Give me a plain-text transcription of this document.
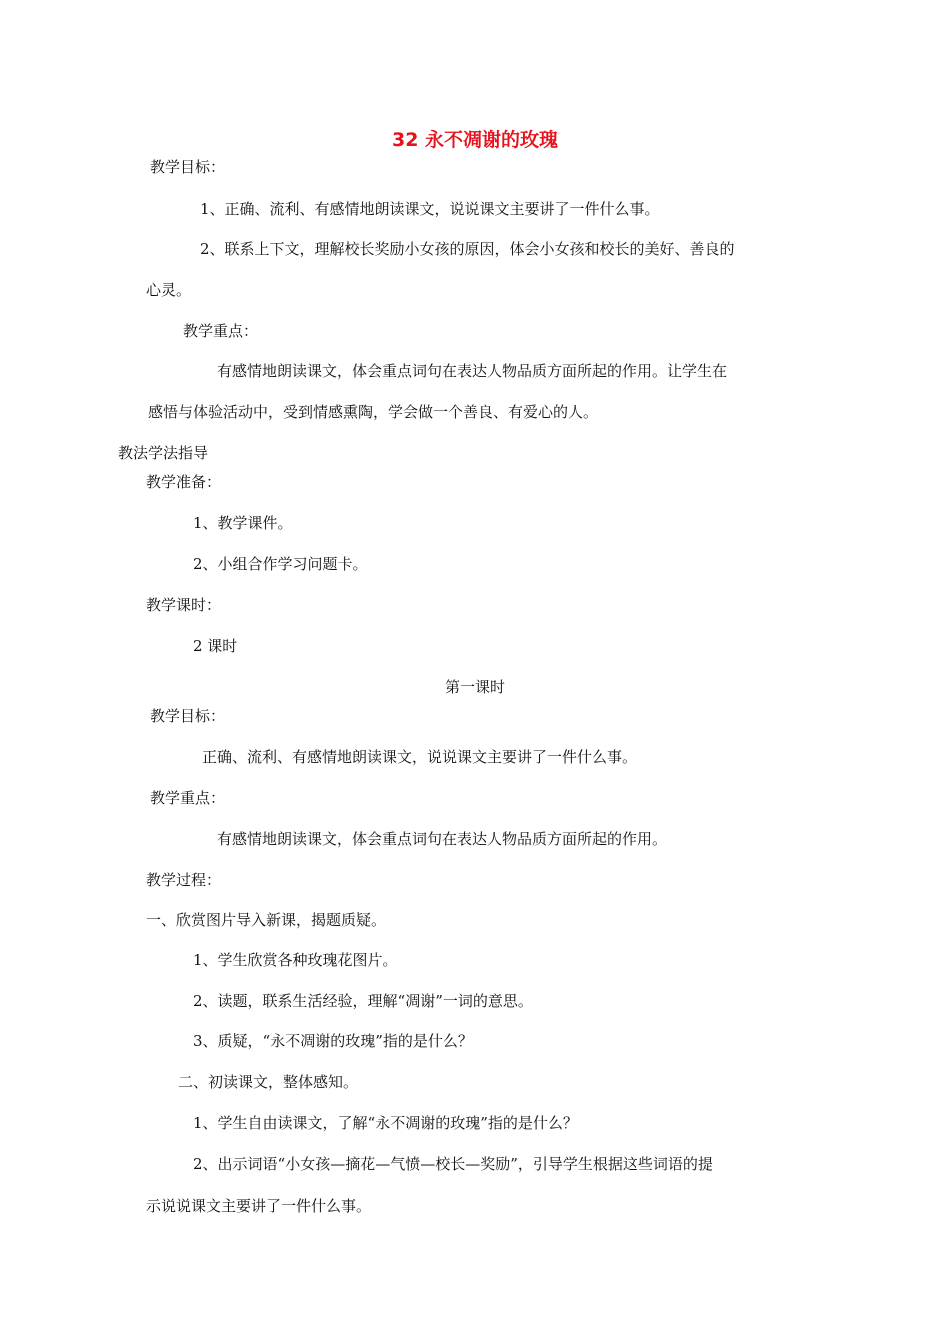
32 永不凋谢的玫瑰
教学目标：
1、正确、流利、有感情地朗读课文，说说课文主要讲了一件什么事。
2、联系上下文，理解校长奖励小女孩的原因，体会小女孩和校长的美好、善良的
心灵。
教学重点：
有感情地朗读课文，体会重点词句在表达人物品质方面所起的作用。让学生在
感悟与体验活动中，受到情感熏陶，学会做一个善良、有爱心的人。
教法学法指导
教学准备：
1、教学课件。
2、小组合作学习问题卡。
教学课时：
2 课时
第一课时
教学目标：
正确、流利、有感情地朗读课文，说说课文主要讲了一件什么事。
教学重点：
有感情地朗读课文，体会重点词句在表达人物品质方面所起的作用。
教学过程：
一、欣赏图片导入新课，揭题质疑。
1、学生欣赏各种玫瑰花图片。
2、读题，联系生活经验，理解“凋谢”一词的意思。
3、质疑，“永不凋谢的玫瑰”指的是什么？
二、初读课文，整体感知。
1、学生自由读课文，了解“永不凋谢的玫瑰”指的是什么？
2、出示词语“小女孩—摘花—气愤—校长—奖励”，引导学生根据这些词语的提
示说说课文主要讲了一件什么事。
